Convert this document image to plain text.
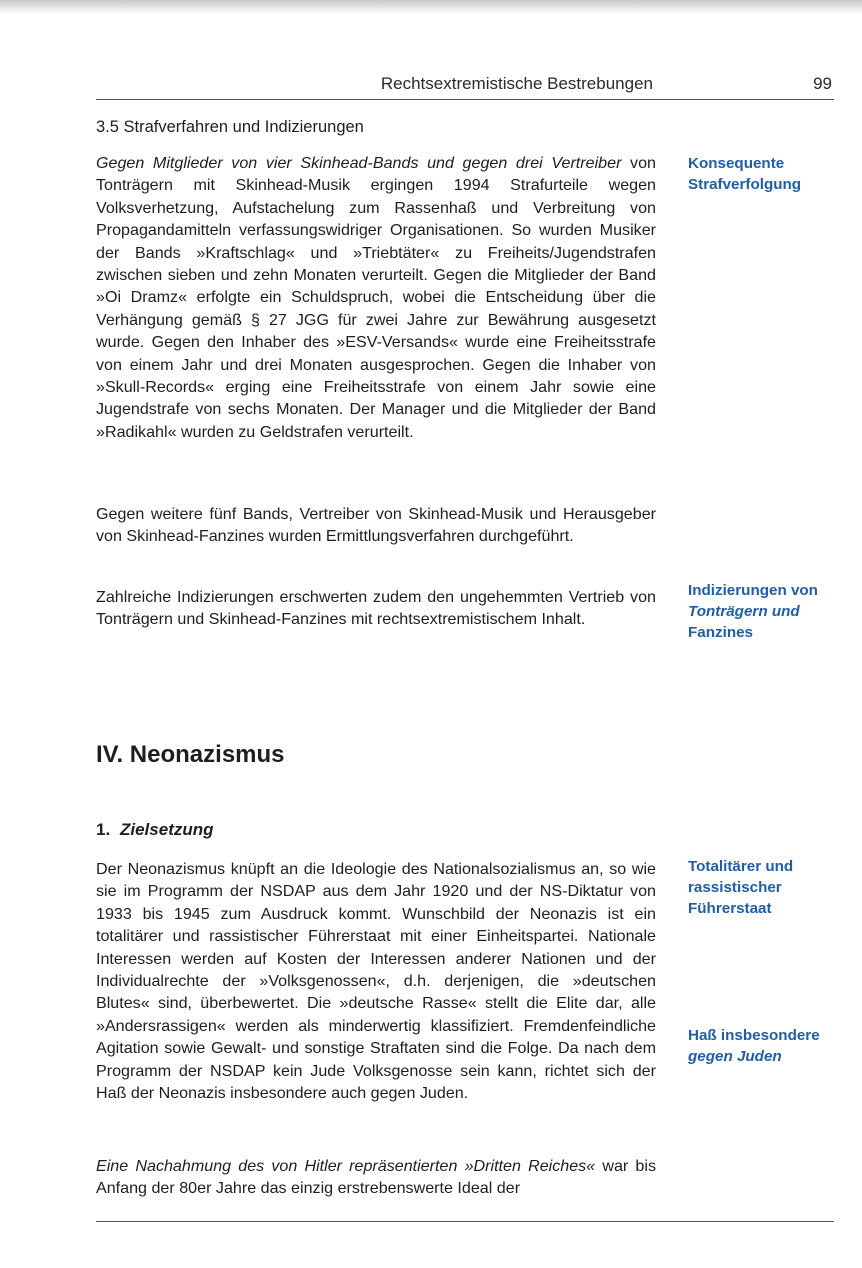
Rechtsextremistische Bestrebungen	99
3.5 Strafverfahren und Indizierungen

Gegen Mitglieder von vier Skinhead-Bands und gegen drei Vertreiber von Tonträgern mit Skinhead-Musik ergingen 1994 Strafurteile wegen Volksverhetzung, Aufstachelung zum Rassenhaß und Verbreitung von Propagandamitteln verfassungswidriger Organisationen. So wurden Musiker der Bands »Kraftschlag« und »Triebtäter« zu Freiheits/Jugendstrafen zwischen sieben und zehn Monaten verurteilt. Gegen die Mitglieder der Band »Oi Dramz« erfolgte ein Schuldspruch, wobei die Entscheidung über die Verhängung gemäß § 27 JGG für zwei Jahre zur Bewährung ausgesetzt wurde. Gegen den Inhaber des »ESV-Versands« wurde eine Freiheitsstrafe von einem Jahr und drei Monaten ausgesprochen. Gegen die Inhaber von »Skull-Records« erging eine Freiheitsstrafe von einem Jahr sowie eine Jugendstrafe von sechs Monaten. Der Manager und die Mitglieder der Band »Radikahl« wurden zu Geldstrafen verurteilt.

Gegen weitere fünf Bands, Vertreiber von Skinhead-Musik und Herausgeber von Skinhead-Fanzines wurden Ermittlungsverfahren durchgeführt.

Zahlreiche Indizierungen erschwerten zudem den ungehemmten Vertrieb von Tonträgern und Skinhead-Fanzines mit rechtsextremistischem Inhalt.

IV. Neonazismus
1. Zielsetzung

Der Neonazismus knüpft an die Ideologie des Nationalsozialismus an, so wie sie im Programm der NSDAP aus dem Jahr 1920 und der NS-Diktatur von 1933 bis 1945 zum Ausdruck kommt. Wunschbild der Neonazis ist ein totalitärer und rassistischer Führerstaat mit einer Einheitspartei. Nationale Interessen werden auf Kosten der Interessen anderer Nationen und der Individualrechte der »Volksgenossen«, d.h. derjenigen, die »deutschen Blutes« sind, überbewertet. Die »deutsche Rasse« stellt die Elite dar, alle »Andersrassigen« werden als minderwertig klassifiziert. Fremdenfeindliche Agitation sowie Gewalt- und sonstige Straftaten sind die Folge. Da nach dem Programm der NSDAP kein Jude Volksgenosse sein kann, richtet sich der Haß der Neonazis insbesondere auch gegen Juden.

Eine Nachahmung des von Hitler repräsentierten »Dritten Reiches« war bis Anfang der 80er Jahre das einzig erstrebenswerte Ideal der

Konsequente
Strafverfolgung
Indizierungen von
Tonträgern und
Fanzines
Totalitärer und
rassistischer
Führerstaat
Haß insbesondere
gegen Juden
